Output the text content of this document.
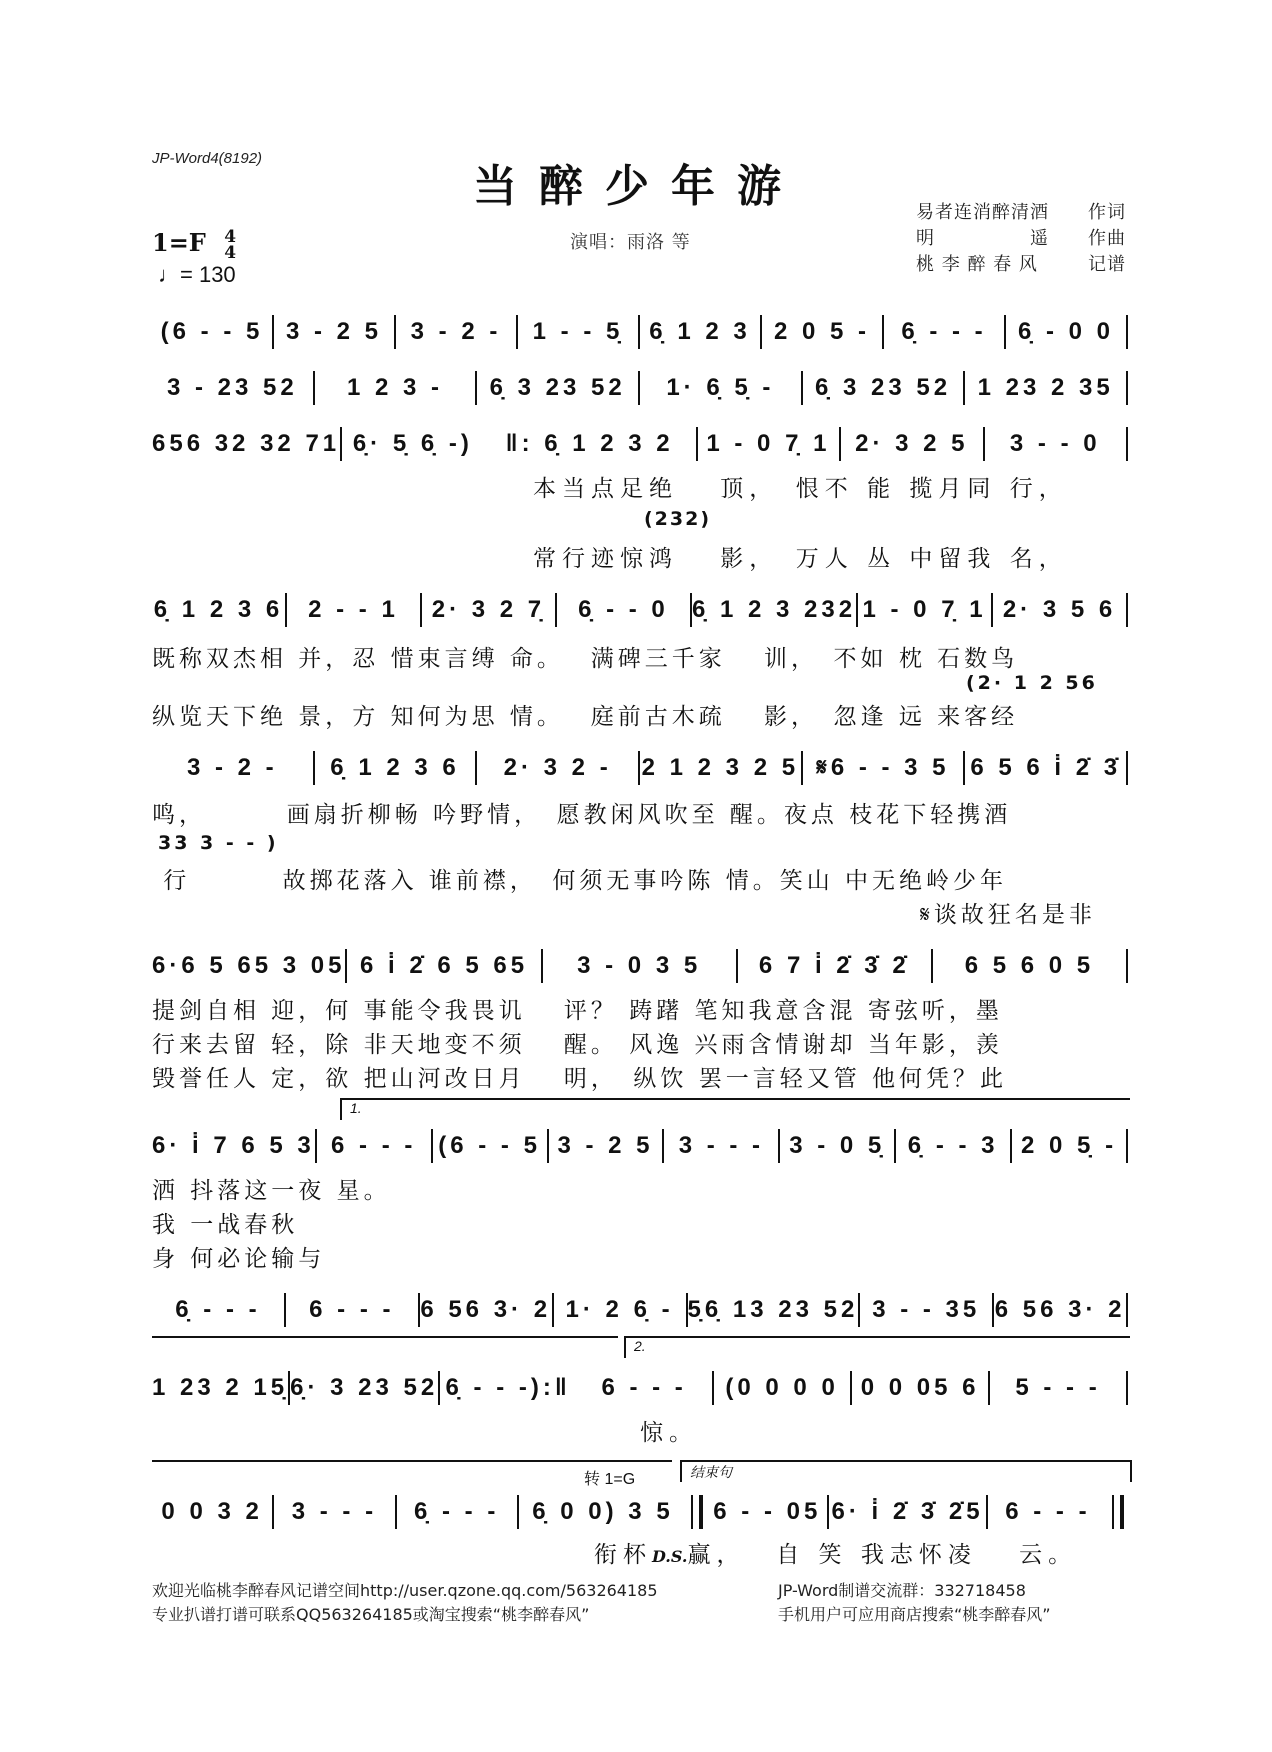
JP-Word4(8192)
当醉少年游
1=F 4
4
♩= 130
演唱：雨洛 等
易者连消醉清酒 作词
明　　　　　遥 作曲
桃 李 醉 春 风	记谱
(6 - - 5 3 - 2 5	3 - 2 -	1 - - 5̣	6̣ 1 2 3 2 0 5 -	6̣ - - -	6̣ - 0 0
3 - 23 52	1 2 3 -	6̣ 3 23 52	1· 6̣ 5̣ -	6̣ 3 23 52	1 23 2 35
656 32 32 71 6̣· 5̣ 6̣ -)	‖: 6̣ 1 2 3 2	1 - 0 7̣ 1	2· 3 2 5	3 - - 0
本当点足绝　 顶，　恨不 能 揽月同 行，
(232)
常行迹惊鸿　 影，　万人 丛 中留我 名，
6̣ 1 2 3 6	2 - - 1	2· 3 2 7̣	6̣ - - 0 6̣ 1 2 3 232 1 - 0 7̣ 1 2· 3 5 6
既称双杰相 并，忍 惜束言缚 命。　 满碑三千家　 训，　不如 枕 石数鸟
(2· 1 2 56
纵览天下绝 景，方 知何为思 情。　 庭前古木疏　 影，　忽逢 远 来客经
3 - 2 -	6̣ 1 2 3 6	2· 3 2 -	2 1 2 3 2 5 𝄋6 - - 3 5 6 5 6 i̇ 2̇ 3̇
鸣，　　　 画扇折柳畅 吟野情，　愿教闲风吹至 醒。夜点 枝花下轻携酒
33 3 - - )
行　　　 故掷花落入 谁前襟，　何须无事吟陈 情。笑山 中无绝岭少年
𝄋谈故狂名是非
6·6 5 65 3 05 6 i̇ 2̇ 6 5 65	3 - 0 3 5	6 7 i̇ 2̇ 3̇ 2̇	6 5 6 0 5
提剑自相 迎，何 事能令我畏讥　 评？ 踌躇 笔知我意含混 寄弦听，墨
行来去留 轻，除 非天地变不须　 醒。 风逸 兴雨含情谢却 当年影，羡
毁誉任人 定，欲 把山河改日月　 明，　纵饮 罢一言轻又管 他何凭？此
1.
6· i̇ 7 6 5 3 6 - - - (6 - - 5 3 - 2 5	3 - - -	3 - 0 5̣ 6̣ - - 3 2 0 5̣ -
洒 抖落这一夜 星。
我 一战春秋
身 何必论输与
6̣ - - -	6 - - -	6 56 3· 2 1· 2 6̣ - 5̣6̣ 13 23 52 3 - - 35 6 56 3· 2
2.
1 23 2 15̣ 6̣· 3 23 52 6̣ - - -):‖	6 - - -	(0 0 0 0 0 0 05 6	5 - - -
惊。
结束句
转 1=G
0 0 3 2	3 - - -	6̣ - - -	6̣ 0 0) 3 5	6 - - 05 6· i̇ 2̇ 3̇ 2̇5 6 - - -
衔杯D.S.赢，　 自 笑 我志怀凌　 云。
欢迎光临桃李醉春风记谱空间http://user.qzone.qq.com/563264185	JP-Word制谱交流群：332718458
专业扒谱打谱可联系QQ563264185或淘宝搜索“桃李醉春风”	手机用户可应用商店搜索“桃李醉春风”
